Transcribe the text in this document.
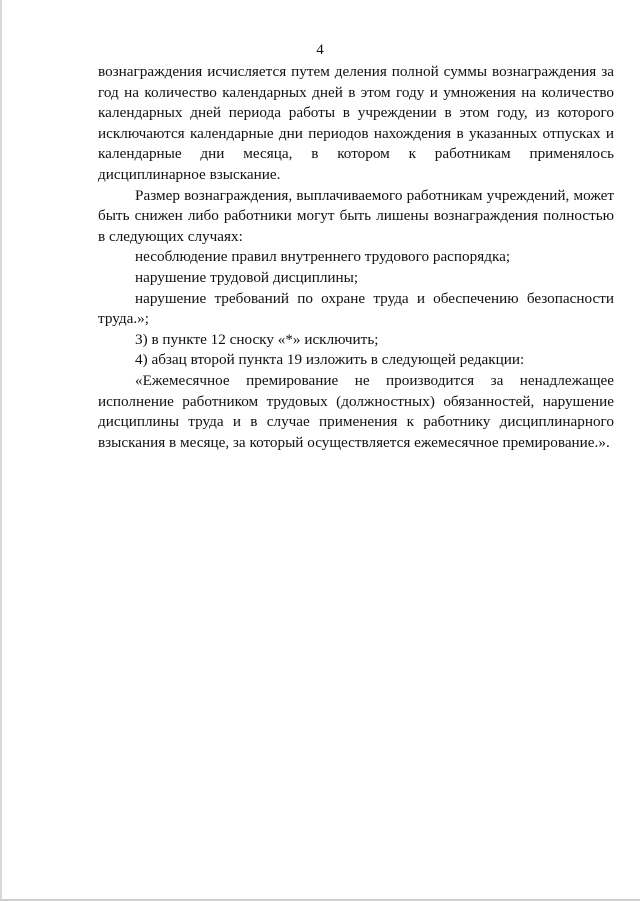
4

вознаграждения исчисляется путем деления полной суммы вознаграждения за год на количество календарных дней в этом году и умножения на количество календарных дней периода работы в учреждении в этом году, из которого исключаются календарные дни периодов нахождения в указанных отпусках и календарные дни месяца, в котором к работникам применялось дисциплинарное взыскание.

Размер вознаграждения, выплачиваемого работникам учреждений, может быть снижен либо работники могут быть лишены вознаграждения полностью в следующих случаях:

несоблюдение правил внутреннего трудового распорядка;

нарушение трудовой дисциплины;

нарушение требований по охране труда и обеспечению безопасности труда.»;

3) в пункте 12 сноску «*» исключить;

4) абзац второй пункта 19 изложить в следующей редакции:

«Ежемесячное премирование не производится за ненадлежащее исполнение работником трудовых (должностных) обязанностей, нарушение дисциплины труда и в случае применения к работнику дисциплинарного взыскания в месяце, за который осуществляется ежемесячное премирование.».
